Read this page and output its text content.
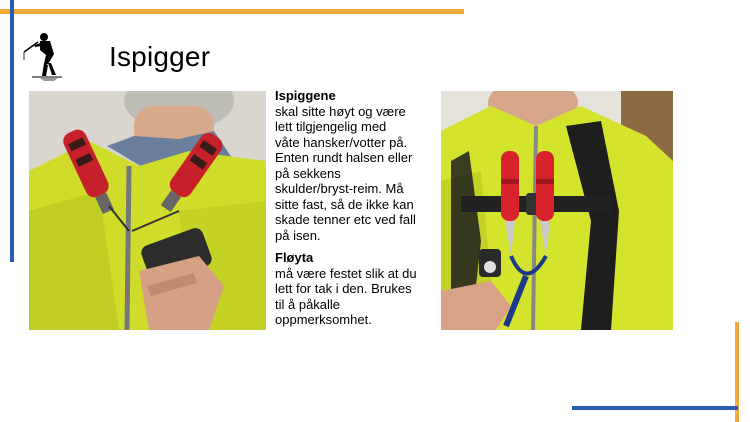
Ispigger
Ispiggene
skal sitte høyt og være
lett tilgjengelig med
våte hansker/votter på.
Enten rundt halsen eller
på sekkens
skulder/bryst-reim. Må
sitte fast, så de ikke kan
skade tenner etc ved fall
på isen.
Fløyta
må være festet slik at du
lett for tak i den. Brukes
til å påkalle
oppmerksomhet.
